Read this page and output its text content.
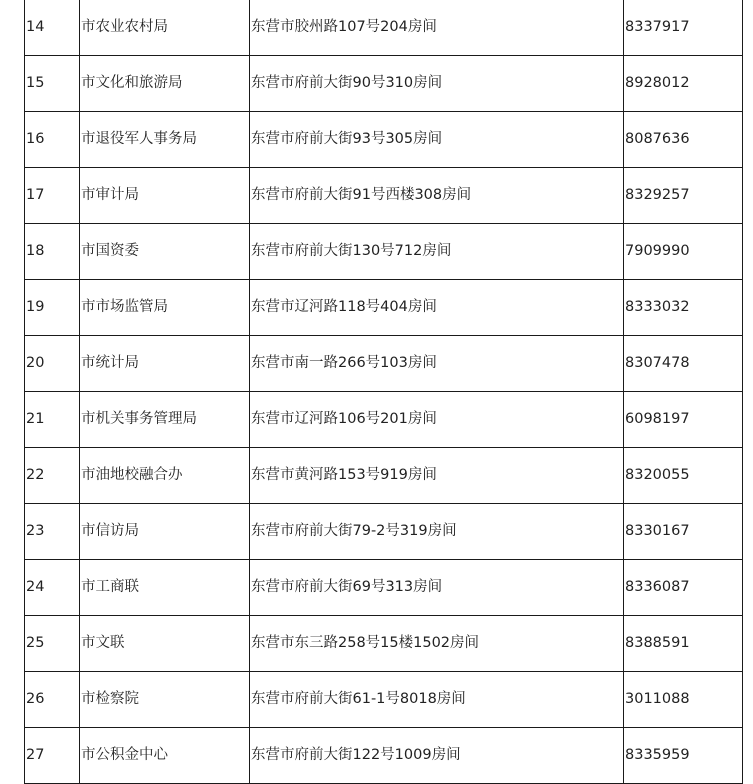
14	市农业农村局	东营市胶州路107号204房间	8337917
15	市文化和旅游局	东营市府前大街90号310房间	8928012
16	市退役军人事务局	东营市府前大街93号305房间	8087636
17	市审计局	东营市府前大街91号西楼308房间	8329257
18	市国资委	东营市府前大街130号712房间	7909990
19	市市场监管局	东营市辽河路118号404房间	8333032
20	市统计局	东营市南一路266号103房间	8307478
21	市机关事务管理局	东营市辽河路106号201房间	6098197
22	市油地校融合办	东营市黄河路153号919房间	8320055
23	市信访局	东营市府前大街79-2号319房间	8330167
24	市工商联	东营市府前大街69号313房间	8336087
25	市文联	东营市东三路258号15楼1502房间	8388591
26	市检察院	东营市府前大街61-1号8018房间	3011088
27	市公积金中心	东营市府前大街122号1009房间	8335959
